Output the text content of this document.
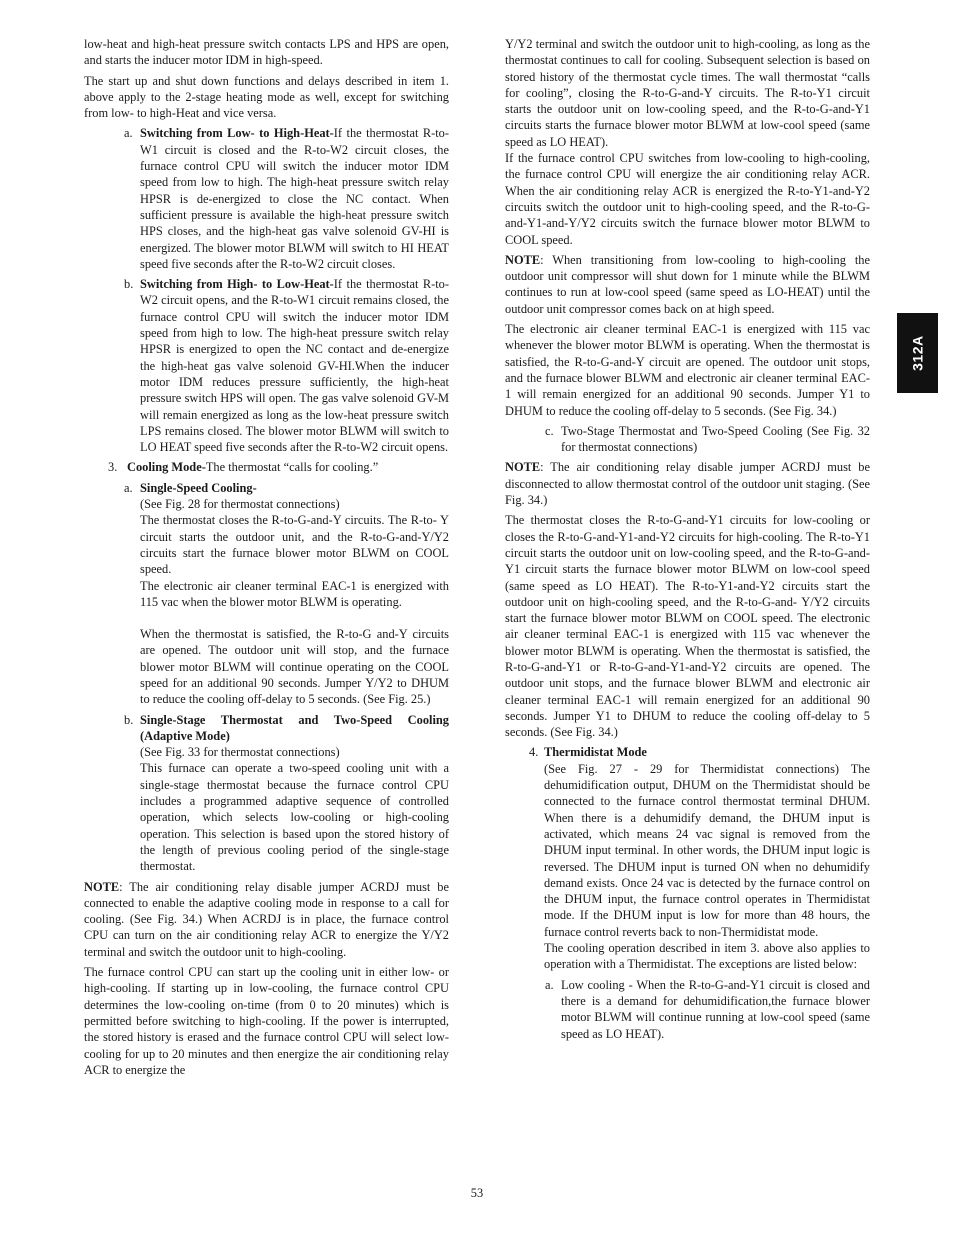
low-heat and high-heat pressure switch contacts LPS and HPS are open, and starts the inducer motor IDM in high-speed.

The start up and shut down functions and delays described in item 1. above apply to the 2-stage heating mode as well, except for switching from low- to high-Heat and vice versa.

a. Switching from Low- to High-Heat-If the thermostat R-to- W1 circuit is closed and the R-to-W2 circuit closes, the furnace control CPU will switch the inducer motor IDM speed from low to high. The high-heat pressure switch relay HPSR is de-energized to close the NC contact. When sufficient pressure is available the high-heat pressure switch HPS closes, and the high-heat gas valve solenoid GV-HI is energized. The blower motor BLWM will switch to HI HEAT speed five seconds after the R-to-W2 circuit closes.
b. Switching from High- to Low-Heat-If the thermostat R-to-W2 circuit opens, and the R-to-W1 circuit remains closed, the furnace control CPU will switch the inducer motor IDM speed from high to low. The high-heat pressure switch relay HPSR is energized to open the NC contact and de-energize the high-heat gas valve solenoid GV-HI.When the inducer motor IDM reduces pressure sufficiently, the high-heat pressure switch HPS will open. The gas valve solenoid GV-M will remain energized as long as the low-heat pressure switch LPS remains closed. The blower motor BLWM will switch to LO HEAT speed five seconds after the R-to-W2 circuit opens.
3. Cooling Mode-The thermostat “calls for cooling.”
a. Single-Speed Cooling-
(See Fig. 28 for thermostat connections)
The thermostat closes the R-to-G-and-Y circuits. The R-to- Y circuit starts the outdoor unit, and the R-to-G-and-Y/Y2 circuits start the furnace blower motor BLWM on COOL speed.
The electronic air cleaner terminal EAC-1 is energized with 115 vac when the blower motor BLWM is operating.
When the thermostat is satisfied, the R-to-G and-Y circuits are opened. The outdoor unit will stop, and the furnace blower motor BLWM will continue operating on the COOL speed for an additional 90 seconds. Jumper Y/Y2 to DHUM to reduce the cooling off-delay to 5 seconds. (See Fig. 25.)
b. Single-Stage Thermostat and Two-Speed Cooling (Adaptive Mode)
(See Fig. 33 for thermostat connections)
This furnace can operate a two-speed cooling unit with a single-stage thermostat because the furnace control CPU includes a programmed adaptive sequence of controlled operation, which selects low-cooling or high-cooling operation. This selection is based upon the stored history of the length of previous cooling period of the single-stage thermostat.

NOTE: The air conditioning relay disable jumper ACRDJ must be connected to enable the adaptive cooling mode in response to a call for cooling. (See Fig. 34.) When ACRDJ is in place, the furnace control CPU can turn on the air conditioning relay ACR to energize the Y/Y2 terminal and switch the outdoor unit to high-cooling.

The furnace control CPU can start up the cooling unit in either low- or high-cooling. If starting up in low-cooling, the furnace control CPU determines the low-cooling on-time (from 0 to 20 minutes) which is permitted before switching to high-cooling. If the power is interrupted, the stored history is erased and the furnace control CPU will select low-cooling for up to 20 minutes and then energize the air conditioning relay ACR to energize the

Y/Y2 terminal and switch the outdoor unit to high-cooling, as long as the thermostat continues to call for cooling. Subsequent selection is based on stored history of the thermostat cycle times. The wall thermostat “calls for cooling”, closing the R-to-G-and-Y circuits. The R-to-Y1 circuit starts the outdoor unit on low-cooling speed, and the R-to-G-and-Y1 circuits starts the furnace blower motor BLWM at low-cool speed (same speed as LO HEAT).

If the furnace control CPU switches from low-cooling to high-cooling, the furnace control CPU will energize the air conditioning relay ACR. When the air conditioning relay ACR is energized the R-to-Y1-and-Y2 circuits switch the outdoor unit to high-cooling speed, and the R-to-G-and-Y1-and-Y/Y2 circuits switch the furnace blower motor BLWM to COOL speed.

NOTE: When transitioning from low-cooling to high-cooling the outdoor unit compressor will shut down for 1 minute while the BLWM continues to run at low-cool speed (same speed as LO-HEAT) until the outdoor unit compressor comes back on at high speed.

The electronic air cleaner terminal EAC-1 is energized with 115 vac whenever the blower motor BLWM is operating. When the thermostat is satisfied, the R-to-G-and-Y circuit are opened. The outdoor unit stops, and the furnace blower BLWM and electronic air cleaner terminal EAC-1 will remain energized for an additional 90 seconds. Jumper Y1 to DHUM to reduce the cooling off-delay to 5 seconds. (See Fig. 34.)

c. Two-Stage Thermostat and Two-Speed Cooling (See Fig. 32 for thermostat connections)

NOTE: The air conditioning relay disable jumper ACRDJ must be disconnected to allow thermostat control of the outdoor unit staging. (See Fig. 34.)

The thermostat closes the R-to-G-and-Y1 circuits for low-cooling or closes the R-to-G-and-Y1-and-Y2 circuits for high-cooling. The R-to-Y1 circuit starts the outdoor unit on low-cooling speed, and the R-to-G-and-Y1 circuit starts the furnace blower motor BLWM on low-cool speed (same speed as LO HEAT). The R-to-Y1-and-Y2 circuits start the outdoor unit on high-cooling speed, and the R-to-G-and- Y/Y2 circuits start the furnace blower motor BLWM on COOL speed. The electronic air cleaner terminal EAC-1 is energized with 115 vac whenever the blower motor BLWM is operating. When the thermostat is satisfied, the R-to-G-and-Y1 or R-to-G-and-Y1-and-Y2 circuits are opened. The outdoor unit stops, and the furnace blower BLWM and electronic air cleaner terminal EAC-1 will remain energized for an additional 90 seconds. Jumper Y1 to DHUM to reduce the cooling off-delay to 5 seconds. (See Fig. 34.)

4. Thermidistat Mode
(See Fig. 27 - 29 for Thermidistat connections) The dehumidification output, DHUM on the Thermidistat should be connected to the furnace control thermostat terminal DHUM. When there is a dehumidify demand, the DHUM input is activated, which means 24 vac signal is removed from the DHUM input terminal. In other words, the DHUM input logic is reversed. The DHUM input is turned ON when no dehumidify demand exists. Once 24 vac is detected by the furnace control on the DHUM input, the furnace control operates in Thermidistat mode. If the DHUM input is low for more than 48 hours, the furnace control reverts back to non-Thermidistat mode.
The cooling operation described in item 3. above also applies to operation with a Thermidistat. The exceptions are listed below:
a. Low cooling - When the R-to-G-and-Y1 circuit is closed and there is a demand for dehumidification,the furnace blower motor BLWM will continue running at low-cool speed (same speed as LO HEAT).
312A
53
